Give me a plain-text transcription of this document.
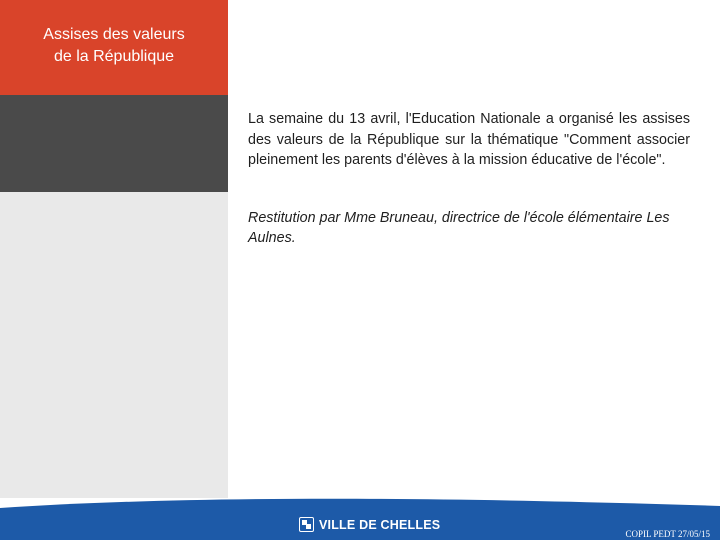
Assises des valeurs
de la République

La semaine du 13 avril, l'Education Nationale a organisé les assises des valeurs de la République sur la thématique "Comment associer pleinement les parents d'élèves à la mission éducative de l'école".

Restitution par Mme Bruneau, directrice de l'école élémentaire Les Aulnes.

VILLE DE CHELLES
COPIL PEDT 27/05/15
